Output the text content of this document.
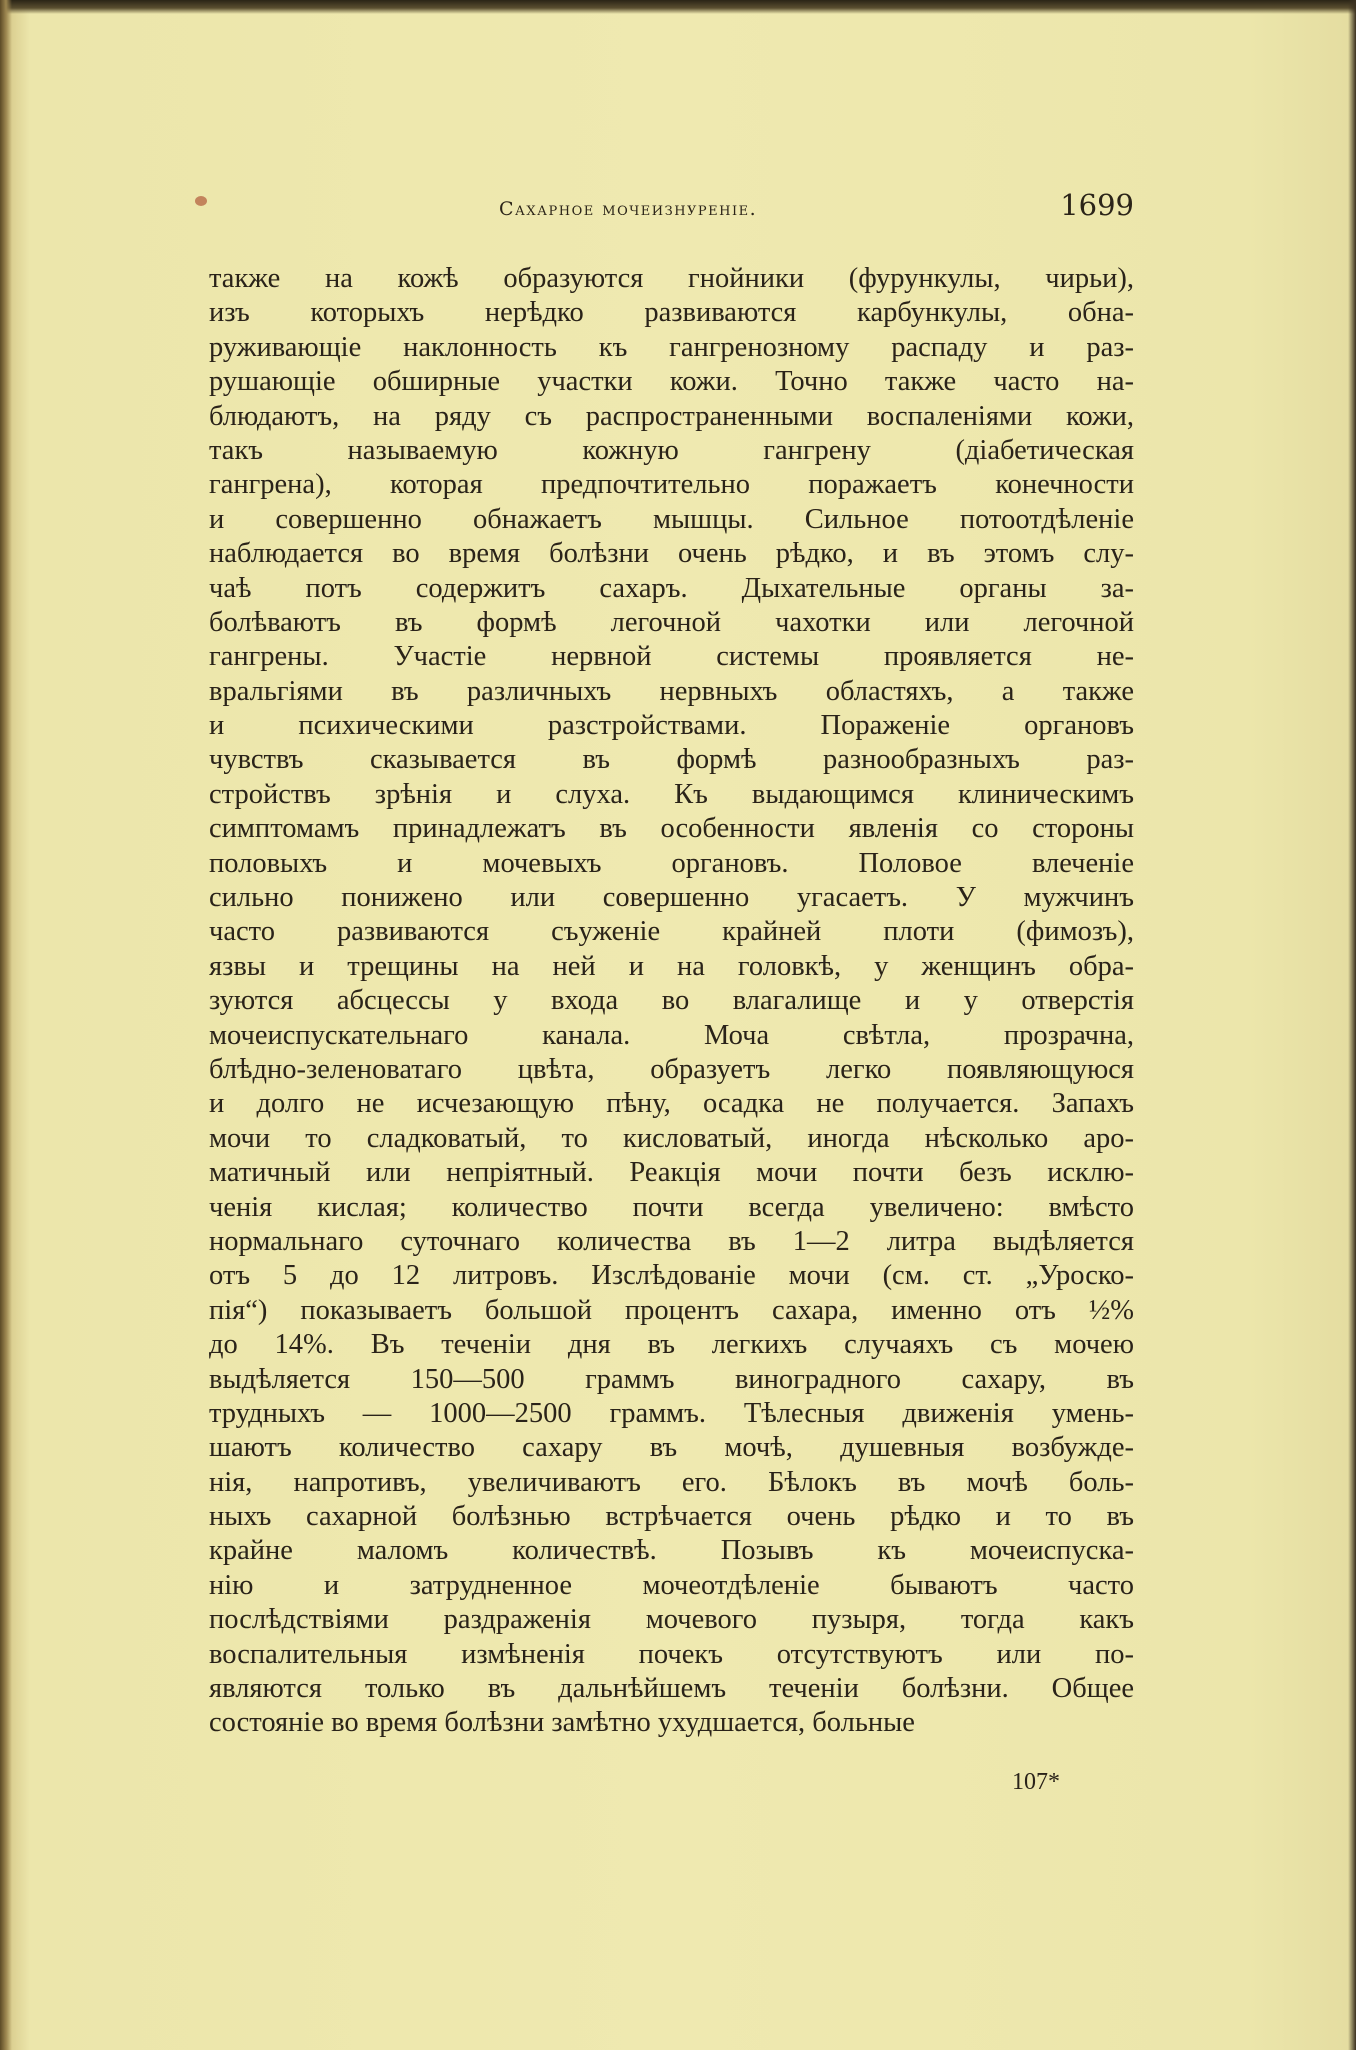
Сахарное мочеизнуреніе.	1699
также на кожѣ образуются гнойники (фурункулы, чирьи),
изъ которыхъ нерѣдко развиваются карбункулы, обна-
руживающіе наклонность къ гангренозному распаду и раз-
рушающіе обширные участки кожи. Точно также часто на-
блюдаютъ, на ряду съ распространенными воспаленіями кожи,
такъ называемую кожную гангрену (діабетическая
гангрена), которая предпочтительно поражаетъ конечности
и совершенно обнажаетъ мышцы. Сильное потоотдѣленіе
наблюдается во время болѣзни очень рѣдко, и въ этомъ слу-
чаѣ потъ содержитъ сахаръ. Дыхательные органы за-
болѣваютъ въ формѣ легочной чахотки или легочной
гангрены. Участіе нервной системы проявляется не-
вральгіями въ различныхъ нервныхъ областяхъ, а также
и психическими разстройствами. Пораженіе органовъ
чувствъ сказывается въ формѣ разнообразныхъ раз-
стройствъ зрѣнія и слуха. Къ выдающимся клиническимъ
симптомамъ принадлежатъ въ особенности явленія со стороны
половыхъ и мочевыхъ органовъ. Половое влеченіе
сильно понижено или совершенно угасаетъ. У мужчинъ
часто развиваются съуженіе крайней плоти (фимозъ),
язвы и трещины на ней и на головкѣ, у женщинъ обра-
зуются абсцессы у входа во влагалище и у отверстія
мочеиспускательнаго канала. Моча свѣтла, прозрачна,
блѣдно-зеленоватаго цвѣта, образуетъ легко появляющуюся
и долго не исчезающую пѣну, осадка не получается. Запахъ
мочи то сладковатый, то кисловатый, иногда нѣсколько аро-
матичный или непріятный. Реакція мочи почти безъ исклю-
ченія кислая; количество почти всегда увеличено: вмѣсто
нормальнаго суточнаго количества въ 1—2 литра выдѣляется
отъ 5 до 12 литровъ. Изслѣдованіе мочи (см. ст. „Уроско-
пія“) показываетъ большой процентъ сахара, именно отъ ½%
до 14%. Въ теченіи дня въ легкихъ случаяхъ съ мочею
выдѣляется 150—500 граммъ виноградного сахару, въ
трудныхъ — 1000—2500 граммъ. Тѣлесныя движенія умень-
шаютъ количество сахару въ мочѣ, душевныя возбужде-
нія, напротивъ, увеличиваютъ его. Бѣлокъ въ мочѣ боль-
ныхъ сахарной болѣзнью встрѣчается очень рѣдко и то въ
крайне маломъ количествѣ. Позывъ къ мочеиспуска-
нію и затрудненное мочеотдѣленіе бываютъ часто
послѣдствіями раздраженія мочевого пузыря, тогда какъ
воспалительныя измѣненія почекъ отсутствуютъ или по-
являются только въ дальнѣйшемъ теченіи болѣзни. Общее
состояніе во время болѣзни замѣтно ухудшается, больные
107*
